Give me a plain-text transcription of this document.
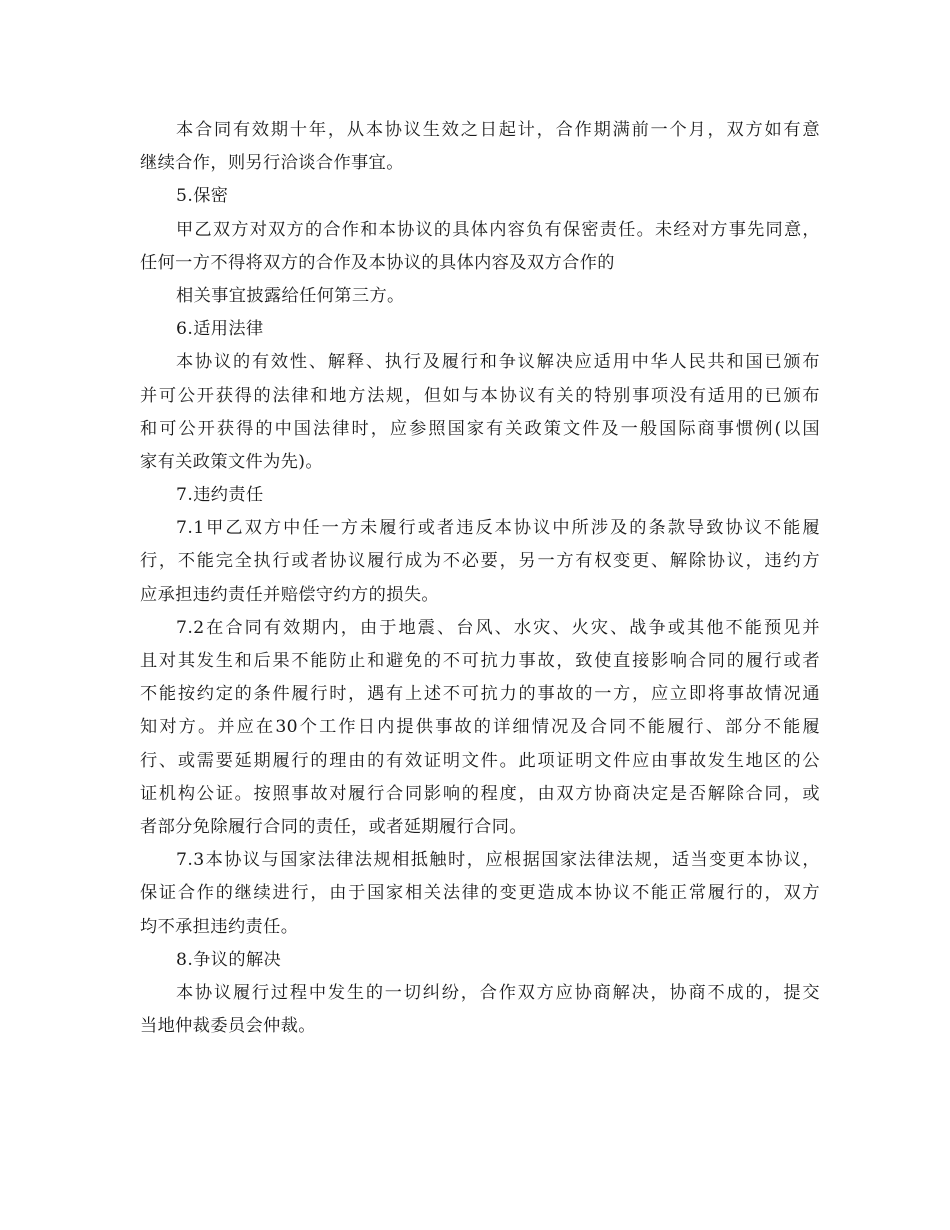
本合同有效期十年，从本协议生效之日起计，合作期满前一个月，双方如有意
继续合作，则另行洽谈合作事宜。
5.保密
甲乙双方对双方的合作和本协议的具体内容负有保密责任。未经对方事先同意，
任何一方不得将双方的合作及本协议的具体内容及双方合作的
相关事宜披露给任何第三方。
6.适用法律
本协议的有效性、解释、执行及履行和争议解决应适用中华人民共和国已颁布
并可公开获得的法律和地方法规，但如与本协议有关的特别事项没有适用的已颁布
和可公开获得的中国法律时，应参照国家有关政策文件及一般国际商事惯例(以国
家有关政策文件为先)。
7.违约责任
7.1甲乙双方中任一方未履行或者违反本协议中所涉及的条款导致协议不能履
行，不能完全执行或者协议履行成为不必要，另一方有权变更、解除协议，违约方
应承担违约责任并赔偿守约方的损失。
7.2在合同有效期内，由于地震、台风、水灾、火灾、战争或其他不能预见并
且对其发生和后果不能防止和避免的不可抗力事故，致使直接影响合同的履行或者
不能按约定的条件履行时，遇有上述不可抗力的事故的一方，应立即将事故情况通
知对方。并应在30个工作日内提供事故的详细情况及合同不能履行、部分不能履
行、或需要延期履行的理由的有效证明文件。此项证明文件应由事故发生地区的公
证机构公证。按照事故对履行合同影响的程度，由双方协商决定是否解除合同，或
者部分免除履行合同的责任，或者延期履行合同。
7.3本协议与国家法律法规相抵触时，应根据国家法律法规，适当变更本协议，
保证合作的继续进行，由于国家相关法律的变更造成本协议不能正常履行的，双方
均不承担违约责任。
8.争议的解决
本协议履行过程中发生的一切纠纷，合作双方应协商解决，协商不成的，提交
当地仲裁委员会仲裁。
